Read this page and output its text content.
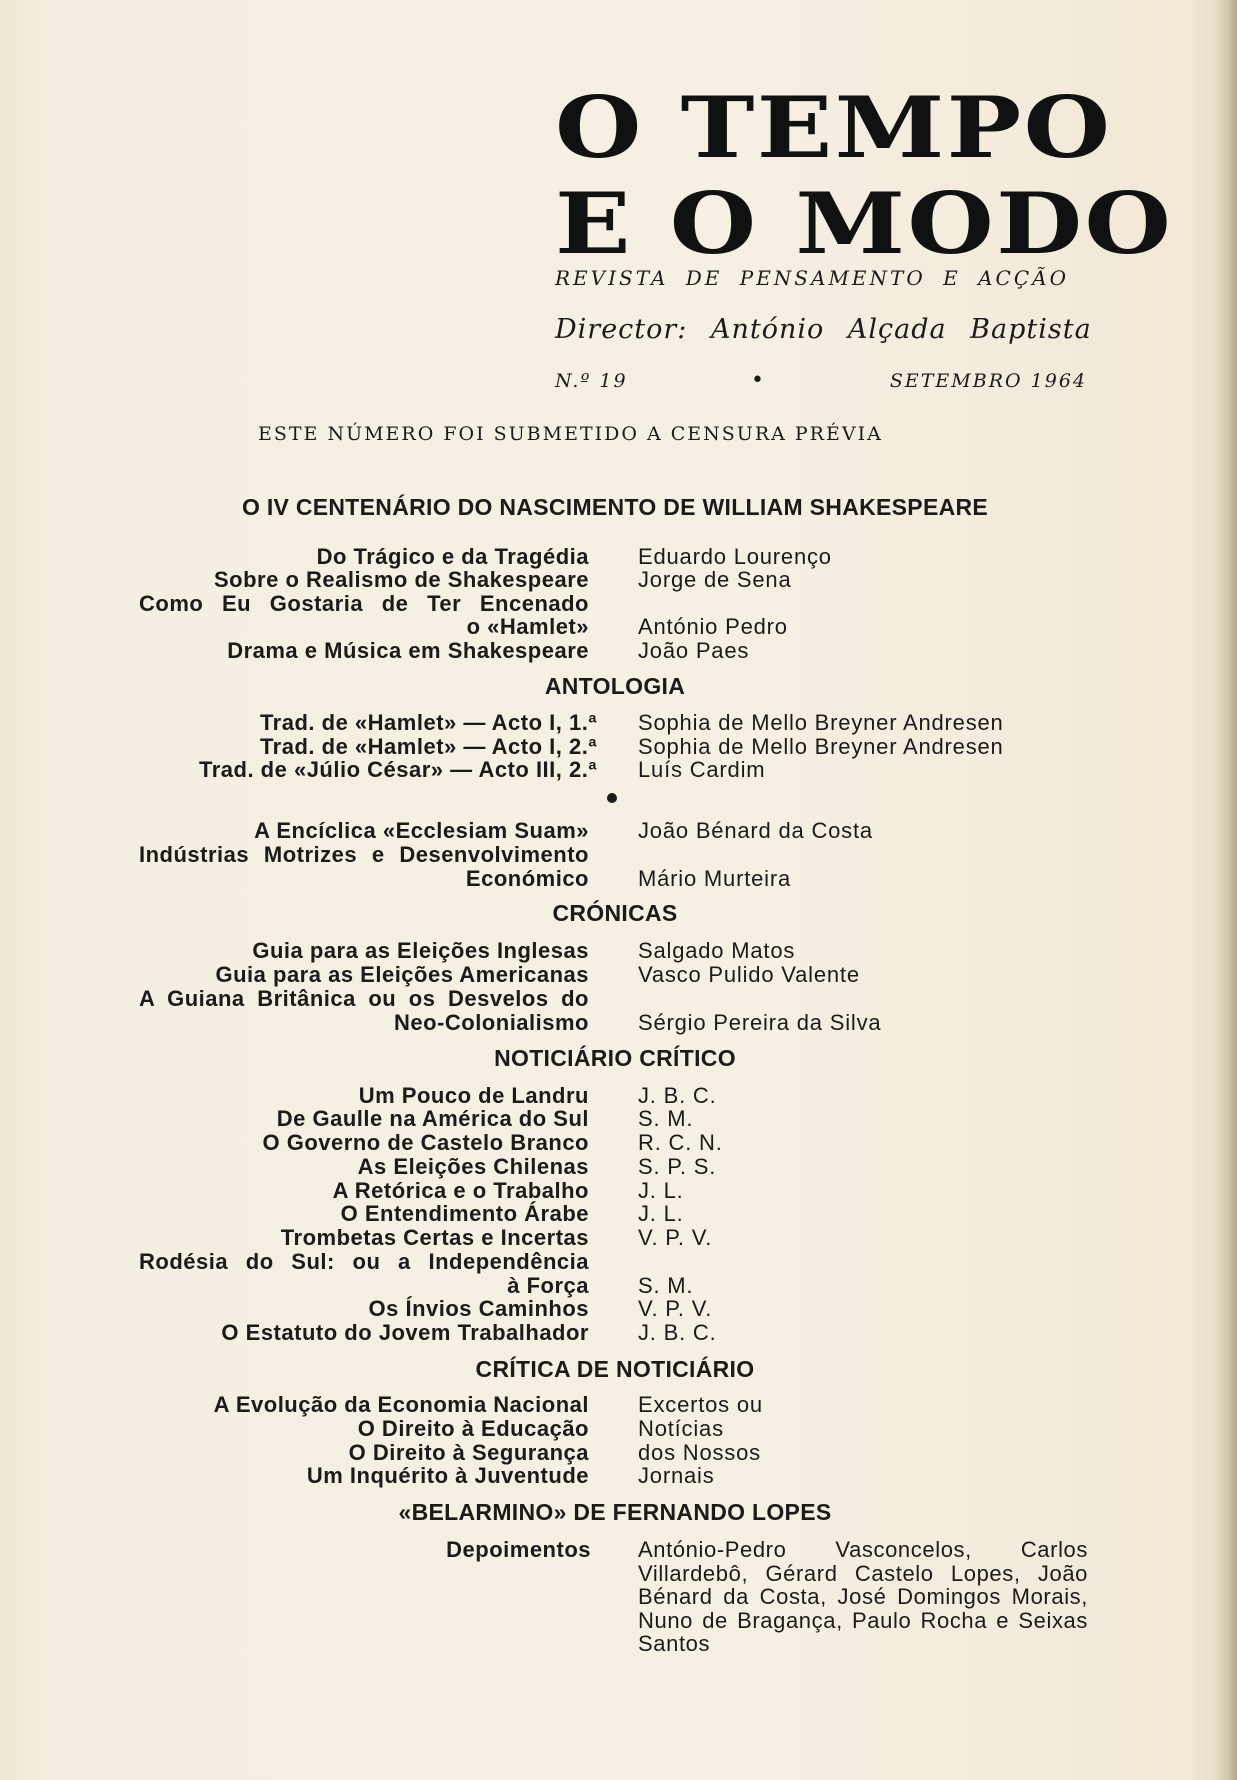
O TEMPO
E O MODO
REVISTA DE PENSAMENTO E ACÇÃO
Director: António Alçada Baptista
N.º 19	•	SETEMBRO 1964
ESTE NÚMERO FOI SUBMETIDO A CENSURA PRÉVIA
O IV CENTENÁRIO DO NASCIMENTO DE WILLIAM SHAKESPEARE
Do Trágico e da Tragédia Eduardo Lourenço
Sobre o Realismo de Shakespeare Jorge de Sena
Como Eu Gostaria de Ter Encenado
o «Hamlet» António Pedro
Drama e Música em Shakespeare João Paes
ANTOLOGIA
Trad. de «Hamlet» — Acto I, 1.ª Sophia de Mello Breyner Andresen
Trad. de «Hamlet» — Acto I, 2.ª Sophia de Mello Breyner Andresen
Trad. de «Júlio César» — Acto III, 2.ª Luís Cardim
A Encíclica «Ecclesiam Suam» João Bénard da Costa
Indústrias Motrizes e Desenvolvimento
Económico Mário Murteira
CRÓNICAS
Guia para as Eleições Inglesas Salgado Matos
Guia para as Eleições Americanas Vasco Pulido Valente
A Guiana Britânica ou os Desvelos do
Neo-Colonialismo Sérgio Pereira da Silva
NOTICIÁRIO CRÍTICO
Um Pouco de Landru J. B. C.
De Gaulle na América do Sul S. M.
O Governo de Castelo Branco R. C. N.
As Eleições Chilenas S. P. S.
A Retórica e o Trabalho J. L.
O Entendimento Árabe J. L.
Trombetas Certas e Incertas V. P. V.
Rodésia do Sul: ou a Independência
à Força S. M.
Os Ínvios Caminhos V. P. V.
O Estatuto do Jovem Trabalhador J. B. C.
CRÍTICA DE NOTICIÁRIO
A Evolução da Economia Nacional Excertos ou
O Direito à Educação Notícias
O Direito à Segurança dos Nossos
Um Inquérito à Juventude Jornais
«BELARMINO» DE FERNANDO LOPES
Depoimentos António-Pedro Vasconcelos, Carlos Villardebô, Gérard Castelo Lopes, João Bénard da Costa, José Domingos Morais, Nuno de Bragança, Paulo Rocha e Seixas Santos
